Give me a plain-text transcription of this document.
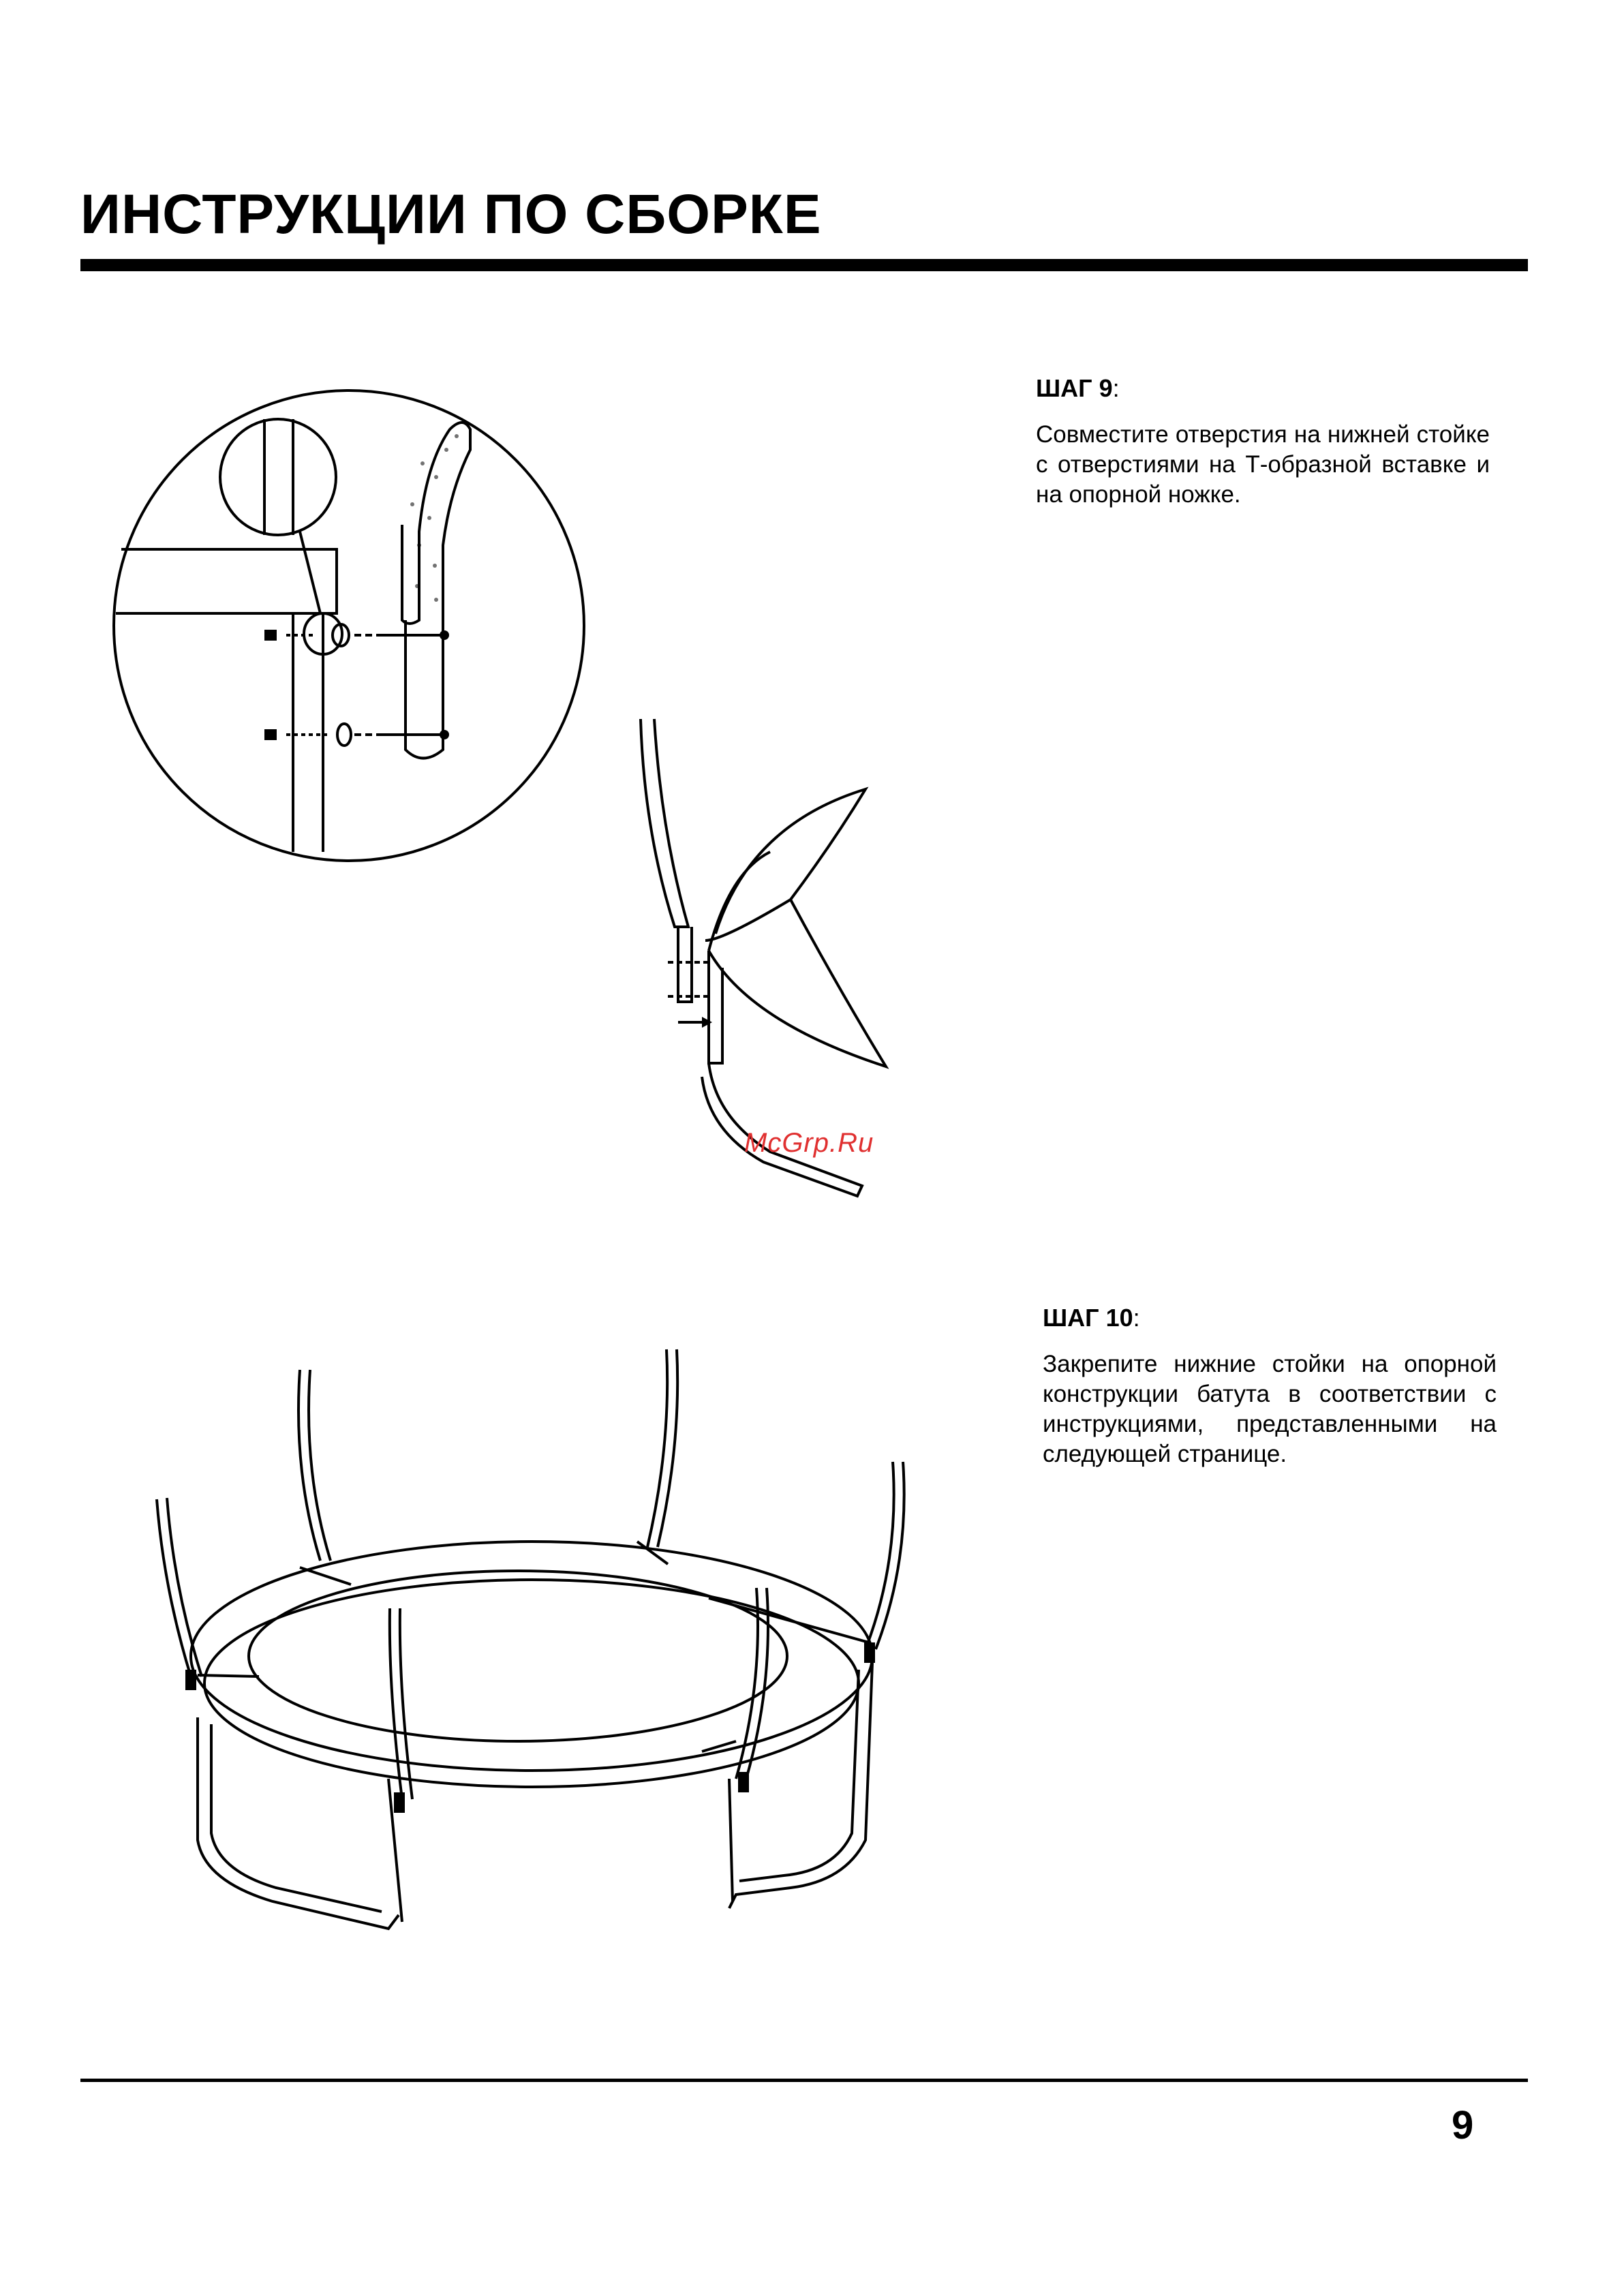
ИНСТРУКЦИИ ПО СБОРКЕ
ШАГ 9:
Совместите отверстия на нижней стойке с отверстиями на Т-образной вставке и на опорной ножке.
ШАГ 10:
Закрепите нижние стойки на опорной конструкции батута в соответствии с инструкциями, представленными на следующей странице.
McGrp.Ru
9
